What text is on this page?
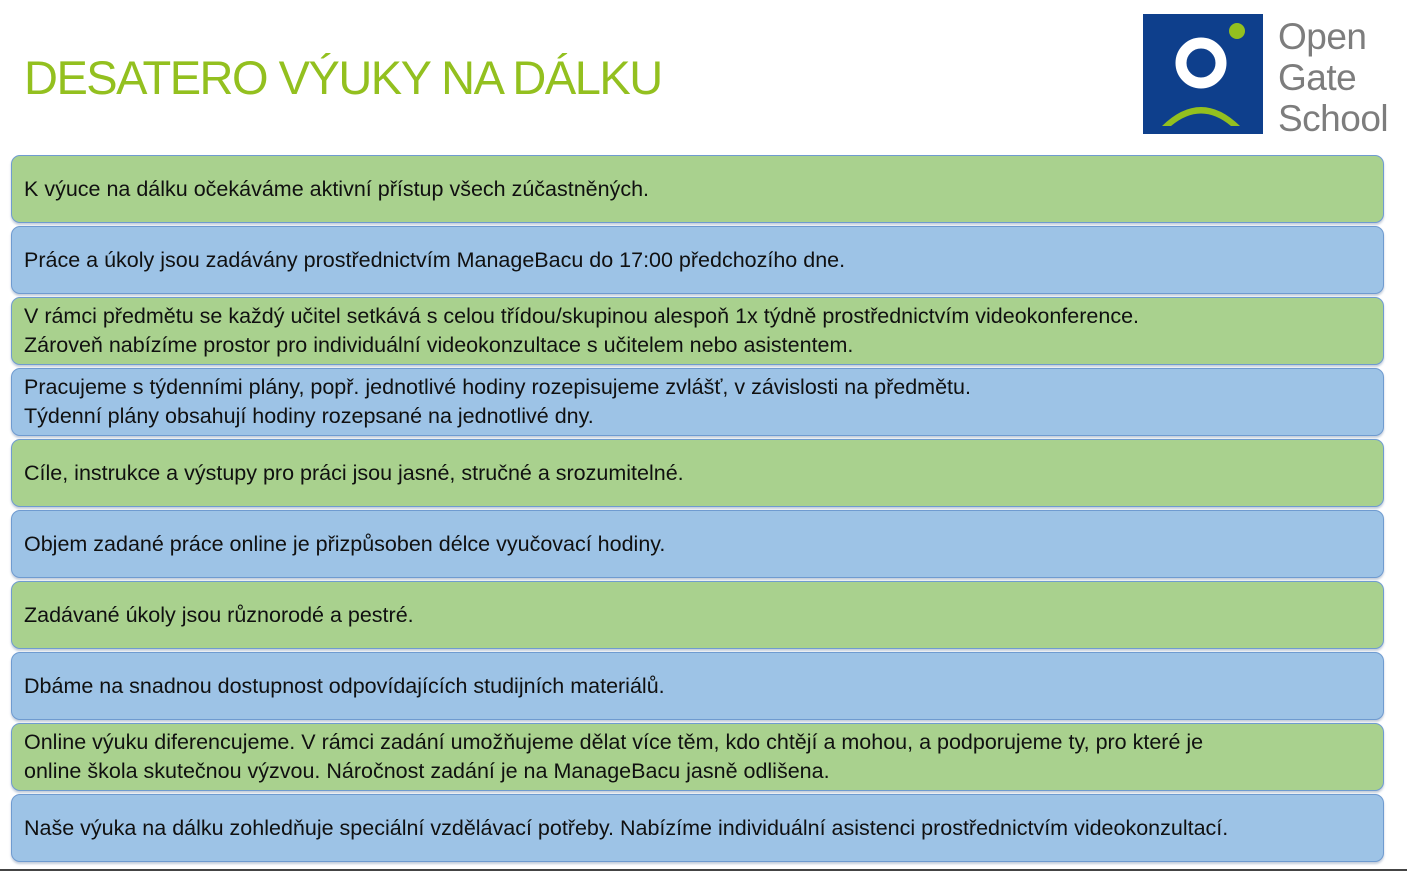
DESATERO VÝUKY NA DÁLKU
Open
Gate
School
K výuce na dálku očekáváme aktivní přístup všech zúčastněných.
Práce a úkoly jsou zadávány prostřednictvím ManageBacu do 17:00 předchozího dne.
V rámci předmětu se každý učitel setkává s celou třídou/skupinou alespoň 1x týdně prostřednictvím videokonference.
Zároveň nabízíme prostor pro individuální videokonzultace s učitelem nebo asistentem.
Pracujeme s týdenními plány, popř. jednotlivé hodiny rozepisujeme zvlášť, v závislosti na předmětu.
Týdenní plány obsahují hodiny rozepsané na jednotlivé dny.
Cíle, instrukce a výstupy pro práci jsou jasné, stručné a srozumitelné.
Objem zadané práce online je přizpůsoben délce vyučovací hodiny.
Zadávané úkoly jsou různorodé a pestré.
Dbáme na snadnou dostupnost odpovídajících studijních materiálů.
Online výuku diferencujeme. V rámci zadání umožňujeme dělat více těm, kdo chtějí a mohou, a podporujeme ty, pro které je
online škola skutečnou výzvou. Náročnost zadání je na ManageBacu jasně odlišena.
Naše výuka na dálku zohledňuje speciální vzdělávací potřeby. Nabízíme individuální asistenci prostřednictvím videokonzultací.
